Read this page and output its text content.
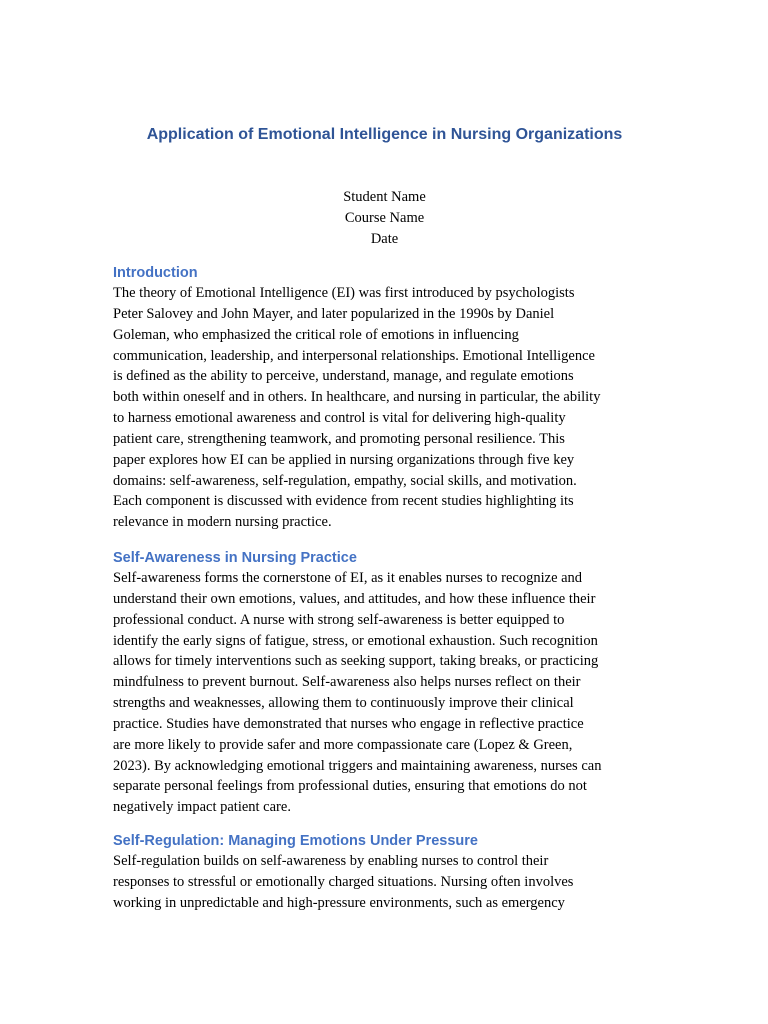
Application of Emotional Intelligence in Nursing Organizations
Student Name
Course Name
Date
Introduction

The theory of Emotional Intelligence (EI) was first introduced by psychologists
Peter Salovey and John Mayer, and later popularized in the 1990s by Daniel
Goleman, who emphasized the critical role of emotions in influencing
communication, leadership, and interpersonal relationships. Emotional Intelligence
is defined as the ability to perceive, understand, manage, and regulate emotions
both within oneself and in others. In healthcare, and nursing in particular, the ability
to harness emotional awareness and control is vital for delivering high-quality
patient care, strengthening teamwork, and promoting personal resilience. This
paper explores how EI can be applied in nursing organizations through five key
domains: self-awareness, self-regulation, empathy, social skills, and motivation.
Each component is discussed with evidence from recent studies highlighting its
relevance in modern nursing practice.

Self-Awareness in Nursing Practice

Self-awareness forms the cornerstone of EI, as it enables nurses to recognize and
understand their own emotions, values, and attitudes, and how these influence their
professional conduct. A nurse with strong self-awareness is better equipped to
identify the early signs of fatigue, stress, or emotional exhaustion. Such recognition
allows for timely interventions such as seeking support, taking breaks, or practicing
mindfulness to prevent burnout. Self-awareness also helps nurses reflect on their
strengths and weaknesses, allowing them to continuously improve their clinical
practice. Studies have demonstrated that nurses who engage in reflective practice
are more likely to provide safer and more compassionate care (Lopez & Green,
2023). By acknowledging emotional triggers and maintaining awareness, nurses can
separate personal feelings from professional duties, ensuring that emotions do not
negatively impact patient care.

Self-Regulation: Managing Emotions Under Pressure

Self-regulation builds on self-awareness by enabling nurses to control their
responses to stressful or emotionally charged situations. Nursing often involves
working in unpredictable and high-pressure environments, such as emergency
